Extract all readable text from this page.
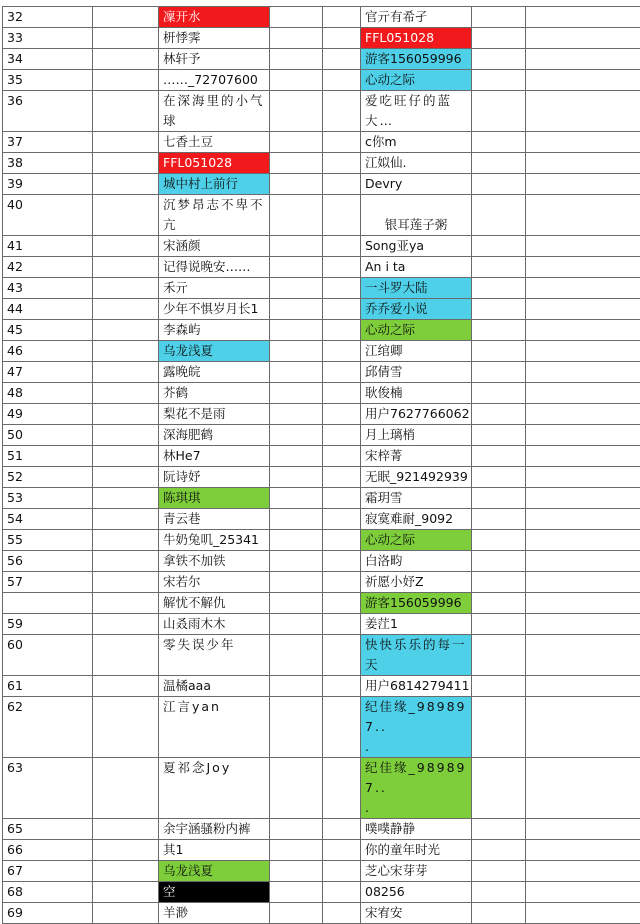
32		凜开水			官亓有希孑		
33		枅悸霁			FFL051028		
34		林轩予			游客156059996		
35		……_72707600			心动之际		
36		在深海里的小气球			爱吃旺仔的蓝大…		
37		七香土豆			c你m		
38		FFL051028			江姒仙.		
39		城中村上前行			Devry		
40		沉梦昂志不卑不亢			银耳莲子粥		
41		宋涵颜			Song亚ya		
42		记得说晚安……			An i ta		
43		禾亓			一斗罗大陆		
44		少年不惧岁月长1			乔乔爱小说		
45		李森屿			心动之际		
46		乌龙浅夏			江绾卿		
47		露晚皖			邱倩雪		
48		芥鹤			耿俊楠		
49		梨花不是雨			用户7627766062		
50		深海肥鹤			月上璃梢		
51		林He7			宋梓菁		
52		阮诗妤			无眠_921492939		
53		陈琪琪			霜玥雪		
54		青云巷			寂寞难耐_9092		
55		牛奶兔叽_25341			心动之际		
56		拿铁不加铁			白洛畇		
57		宋若尔			祈愿小妤Z		
		解忧不解仇			游客156059996		
59		山叒雨木木			姜茳1		
60		零失误少年			快快乐乐的每一天		
61		温橘aaa			用户6814279411		
62		江言yan			纪佳缘_989897..
.		
63		夏祁念Joy			纪佳缘_989897..
.		
65		余宇涵骚粉内裤			噗噗静静		
66		其1			你的童年时光		
67		乌龙浅夏			芝心宋芽芽		
68		空			08256		
69		羊渺			宋宥安		
